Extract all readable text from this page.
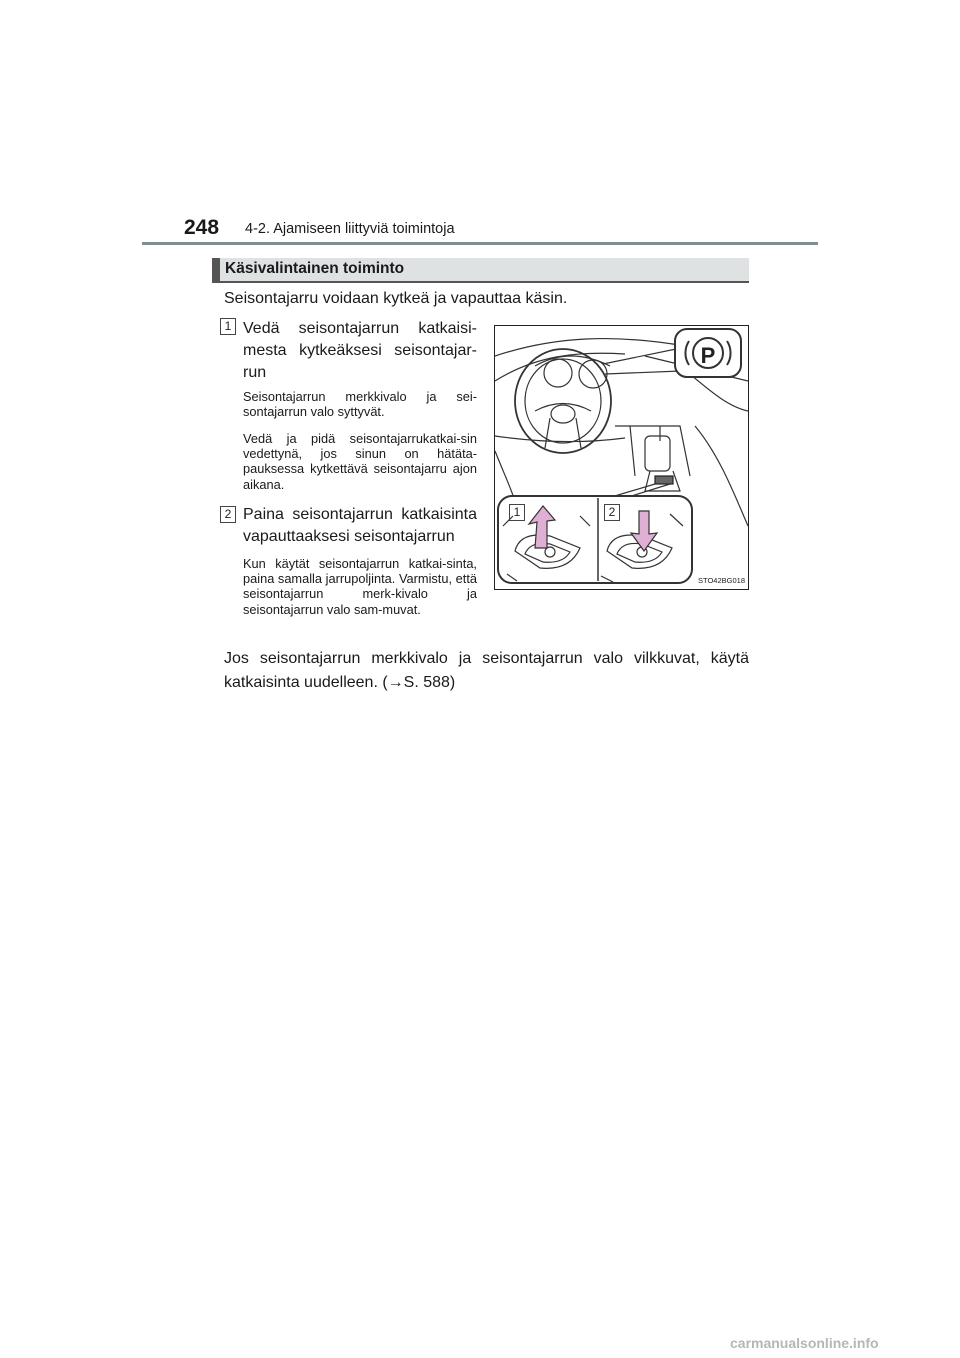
248 4-2. Ajamiseen liittyviä toimintoja
Käsivalintainen toiminto
Seisontajarru voidaan kytkeä ja vapauttaa käsin.
1 Vedä seisontajarrun katkaisi-
mesta kytkeäksesi seisontajar-
run
Seisontajarrun merkkivalo ja sei-sontajarrun valo syttyvät.
Vedä ja pidä seisontajarrukatkai-sin vedettynä, jos sinun on hätäta-pauksessa kytkettävä seisontajarru ajon aikana.
2 Paina seisontajarrun katkaisinta
vapauttaaksesi seisontajarrun
Kun käytät seisontajarrun katkai-sinta, paina samalla jarrupoljinta. Varmistu, että seisontajarrun merk-kivalo ja seisontajarrun valo sam-muvat.
Jos seisontajarrun merkkivalo ja seisontajarrun valo vilkkuvat, käytä katkaisinta uudelleen. (→S. 588)
1	2
P
STO42BG018
carmanualsonline.info
